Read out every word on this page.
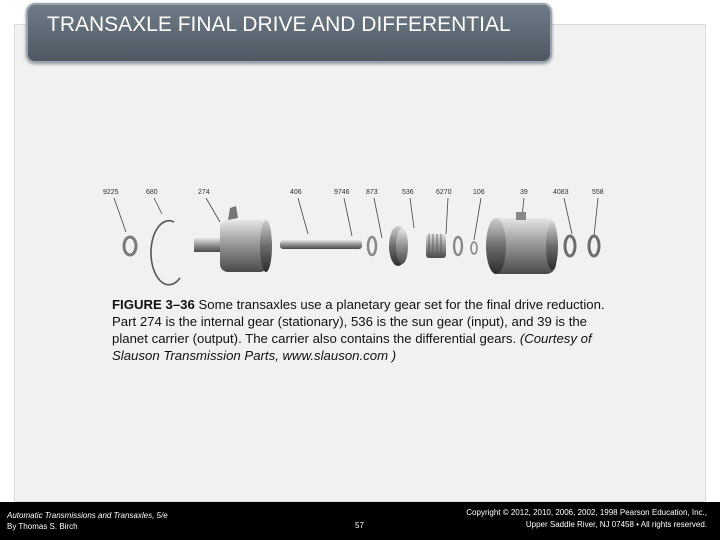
TRANSAXLE FINAL DRIVE AND DIFFERENTIAL
9225	680	274	406	9746 873	536	6270	106	39	4083	558
FIGURE 3–36 Some transaxles use a planetary gear set for the final drive reduction. Part 274 is the internal gear (stationary), 536 is the sun gear (input), and 39 is the planet carrier (output). The carrier also contains the differential gears. (Courtesy of Slauson Transmission Parts, www.slauson.com )
Automatic Transmissions and Transaxles, 5/e
By Thomas S. Birch	57
Copyright © 2012, 2010, 2006, 2002, 1998 Pearson Education, Inc.,
Upper Saddle River, NJ 07458 • All rights reserved.
